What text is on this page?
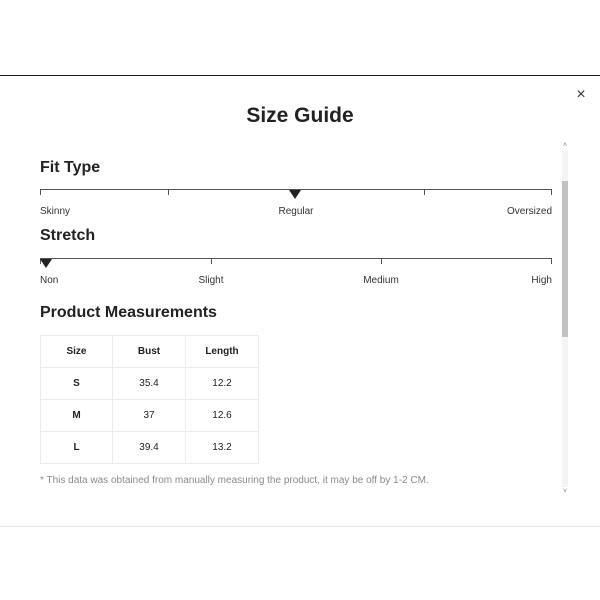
×
Size Guide
Fit Type
Skinny	Regular	Oversized
Stretch
Non	Slight	Medium	High
Product Measurements
Size	Bust	Length
S	35.4	12.2
M	37	12.6
L	39.4	13.2
* This data was obtained from manually measuring the product, it may be off by 1-2 CM.
˄
˅
